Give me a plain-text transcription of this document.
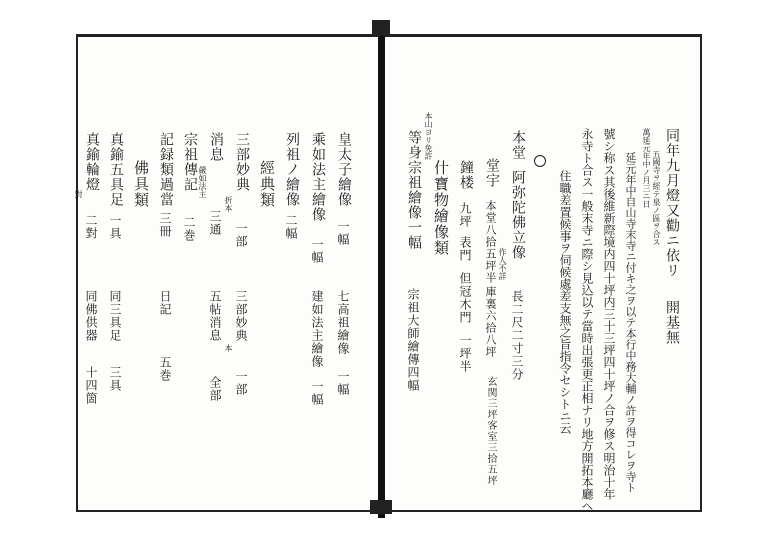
同年九月燈又勸ニ依リ
五國寺ヲ經テ泉ノ區ヲ合ス
開基無
萬延元年中ノ月三ニ日
延元年中自山寺末寺ニ付キ之ヲ以テ本行中務大輔ノ許ヲ得コレヲ寺ト
號シ称ス其後維新際境内四十坪内三十三坪四十坪ノ合ヲ修ス明治十年
永寺ト合ス一般末寺ニ際シ見込以テ當時出張更正相ナリ地方開拓本廳ヘ
住職差置候事ヲ伺候處差支無之旨指令セシトニ云
本堂
阿弥陀佛立像
作人不詳
長二尺二寸三分
堂宇
本堂八拾五坪半
庫裏六拾八坪
玄関三坪
客室三拾五坪
鐘楼
九坪
表門
但冠木門
一坪半
什寶物繪像類
本山ヨリ免許
等身宗祖繪像一幅
宗祖大師繪傳四幅
皇太子繪像
一幅
七高祖繪像
一幅
乘如法主繪像
一幅
建如法主繪像
一幅
列祖ノ繪像
二幅
經典類
三部妙典
折本
一部
三部妙典
本
一部
消息
嚴如法主
三通
五帖消息
全部
宗祖傳記
二巻
記録類過當
三冊
日記
五巻
佛具類
真鍮五具足
一具
同三具足
三具
真鍮輪燈
對
二對
同佛供器
十四箇
